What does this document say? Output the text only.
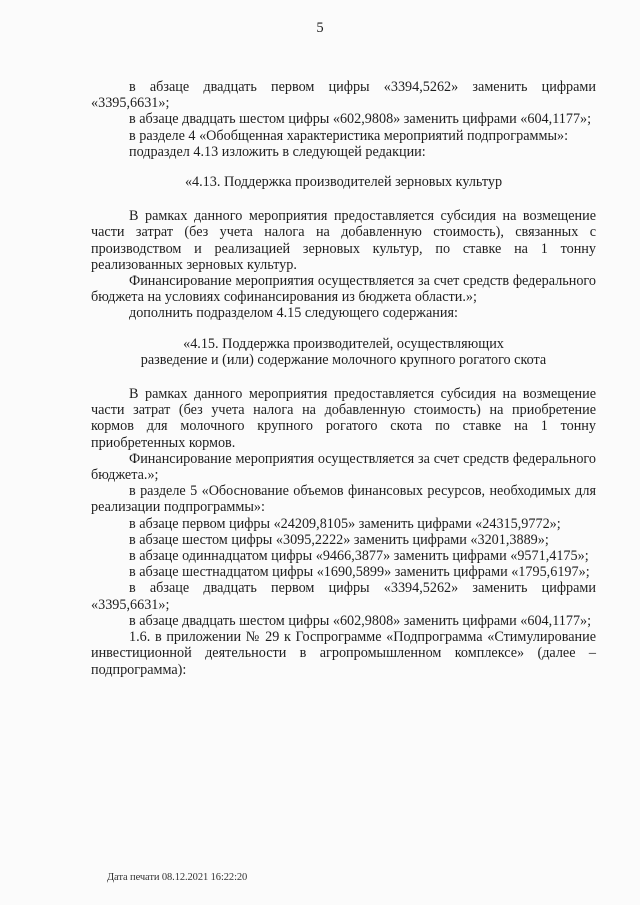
5

в абзаце двадцать первом цифры «3394,5262» заменить цифрами «3395,6631»;

в абзаце двадцать шестом цифры «602,9808» заменить цифрами «604,1177»;

в разделе 4 «Обобщенная характеристика мероприятий подпрограммы»:

подраздел 4.13 изложить в следующей редакции:

«4.13. Поддержка производителей зерновых культур

В рамках данного мероприятия предоставляется субсидия на возмещение части затрат (без учета налога на добавленную стоимость), связанных с производством и реализацией зерновых культур, по ставке на 1 тонну реализованных зерновых культур.

Финансирование мероприятия осуществляется за счет средств федерального бюджета на условиях софинансирования из бюджета области.»;

дополнить подразделом 4.15 следующего содержания:

«4.15. Поддержка производителей, осуществляющих

разведение и (или) содержание молочного крупного рогатого скота

В рамках данного мероприятия предоставляется субсидия на возмещение части затрат (без учета налога на добавленную стоимость) на приобретение кормов для молочного крупного рогатого скота по ставке на 1 тонну приобретенных кормов.

Финансирование мероприятия осуществляется за счет средств федерального бюджета.»;

в разделе 5 «Обоснование объемов финансовых ресурсов, необходимых для реализации подпрограммы»:

в абзаце первом цифры «24209,8105» заменить цифрами «24315,9772»;

в абзаце шестом цифры «3095,2222» заменить цифрами «3201,3889»;

в абзаце одиннадцатом цифры «9466,3877» заменить цифрами «9571,4175»;

в абзаце шестнадцатом цифры «1690,5899» заменить цифрами «1795,6197»;

в абзаце двадцать первом цифры «3394,5262» заменить цифрами «3395,6631»;

в абзаце двадцать шестом цифры «602,9808» заменить цифрами «604,1177»;

1.6. в приложении № 29 к Госпрограмме «Подпрограмма «Стимулирование инвестиционной деятельности в агропромышленном комплексе» (далее – подпрограмма):

Дата печати 08.12.2021 16:22:20
